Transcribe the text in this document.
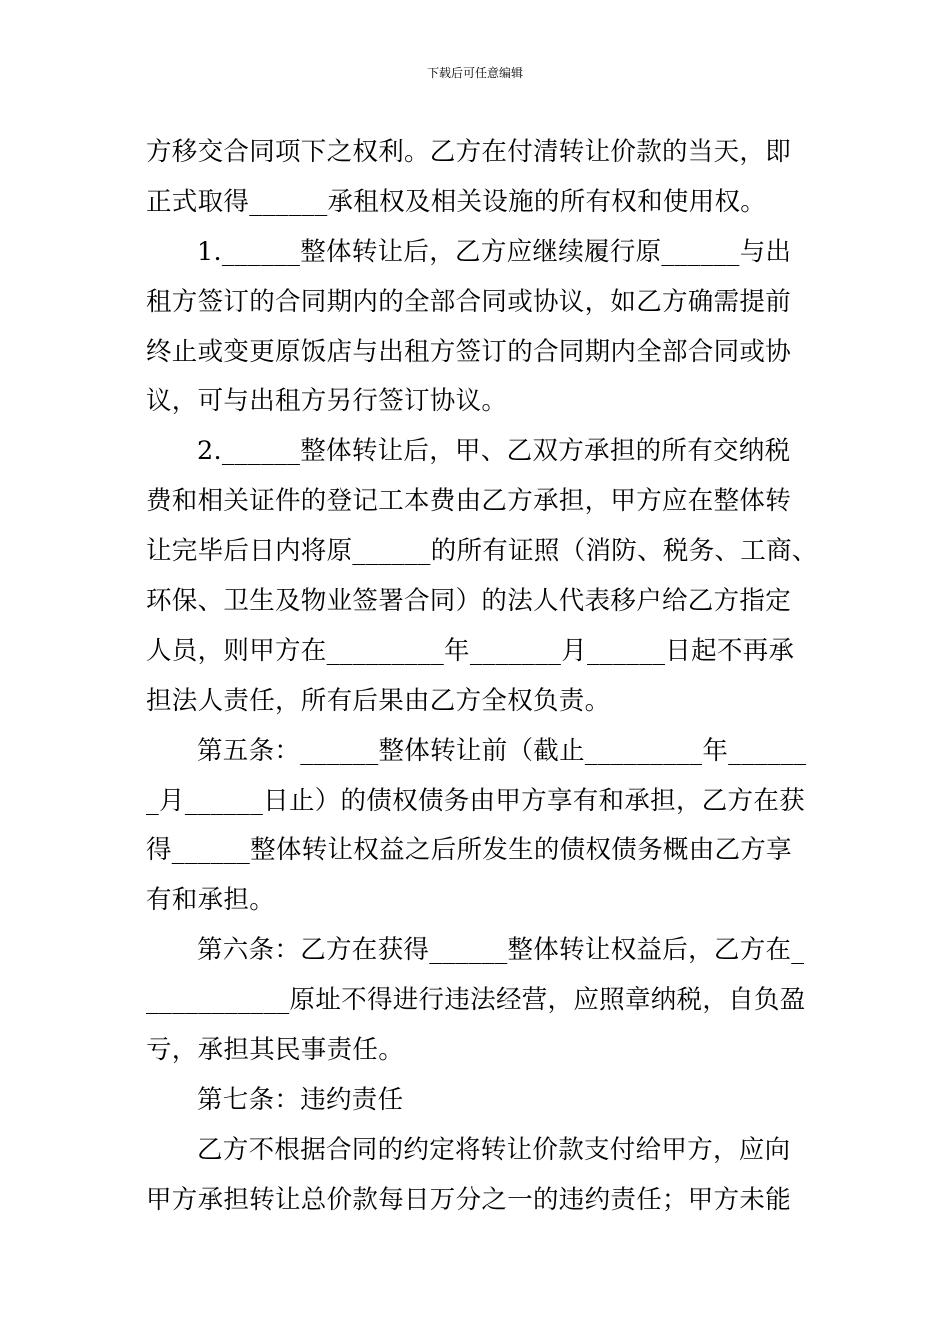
下载后可任意编辑
方移交合同项下之权利。乙方在付清转让价款的当天，即
正式取得______承租权及相关设施的所有权和使用权。
1.______整体转让后，乙方应继续履行原______与出
租方签订的合同期内的全部合同或协议，如乙方确需提前
终止或变更原饭店与出租方签订的合同期内全部合同或协
议，可与出租方另行签订协议。
2.______整体转让后，甲、乙双方承担的所有交纳税
费和相关证件的登记工本费由乙方承担，甲方应在整体转
让完毕后日内将原______的所有证照（消防、税务、工商、
环保、卫生及物业签署合同）的法人代表移户给乙方指定
人员，则甲方在_________年_______月______日起不再承
担法人责任，所有后果由乙方全权负责。
第五条：______整体转让前（截止_________年______
_月______日止）的债权债务由甲方享有和承担，乙方在获
得______整体转让权益之后所发生的债权债务概由乙方享
有和承担。
第六条：乙方在获得______整体转让权益后，乙方在_
___________原址不得进行违法经营，应照章纳税，自负盈
亏，承担其民事责任。
第七条：违约责任
乙方不根据合同的约定将转让价款支付给甲方，应向
甲方承担转让总价款每日万分之一的违约责任；甲方未能
